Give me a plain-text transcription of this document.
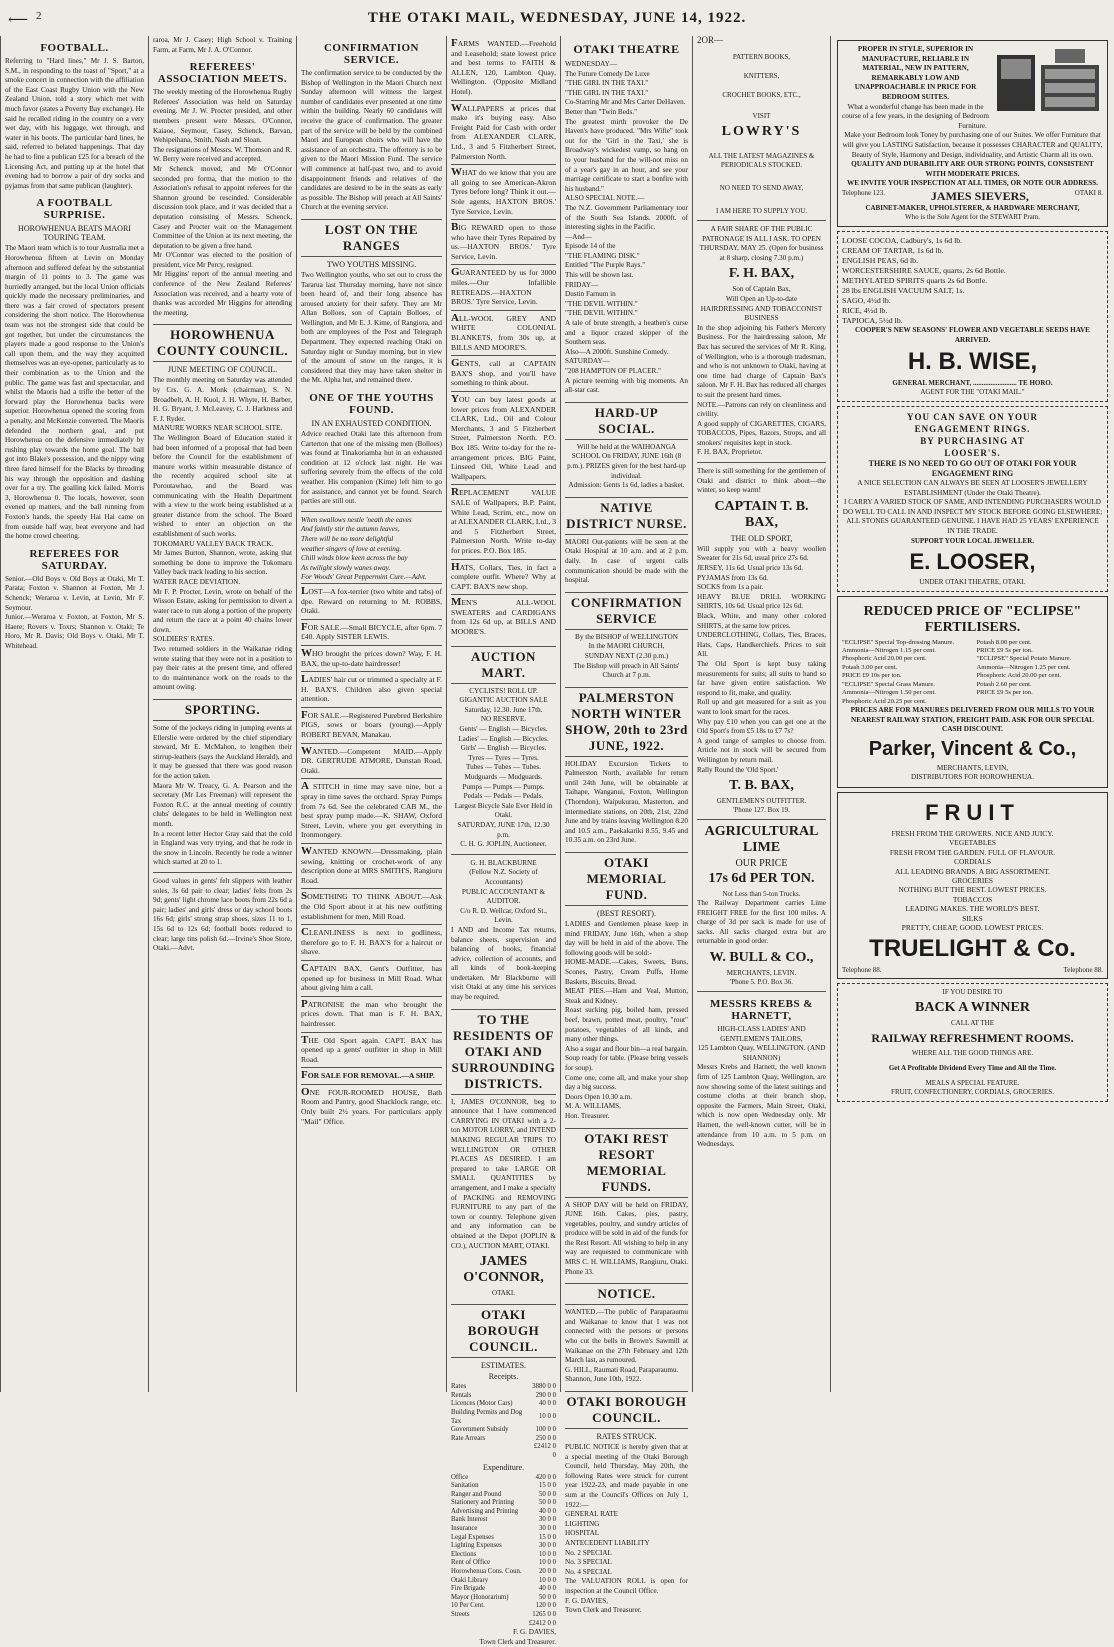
⟵ 2	THE OTAKI MAIL, WEDNESDAY, JUNE 14, 1922.
FOOTBALL.

Referring to "Hard lines," Mr J. S. Barton, S.M., in responding to the toast of "Sport," at a smoke concert in connection with the affiliation of the East Coast Rugby Union with the New Zealand Union, told a story which met with much favor (states a Poverty Bay exchange). He said he recalled riding in the country on a very wet day, with his luggage, wet through, and water in his boots. The particular hard lines, he said, referred to belated happenings. That day he had to fine a publican £25 for a breach of the Licensing Act, and putting up at the hotel that evening had to borrow a pair of dry socks and pyjamas from that same publican (laughter).

A FOOTBALL SURPRISE.
HOROWHENUA BEATS MAORI TOURING TEAM.

The Maori team which is to tour Australia met a Horowhenua fifteen at Levin on Monday afternoon and suffered defeat by the substantial margin of 11 points to 3. The game was hurriedly arranged, but the local Union officials quickly made the necessary preliminaries, and there was a fair crowd of spectators present considering the short notice. The Horowhenua team was not the strongest side that could be got together, but under the circumstances the players made a good response to the Union's call upon them, and the way they acquitted themselves was an eye-opener, particularly as to their combination as to the Union and the public. The game was fast and spectacular, and whilst the Maoris had a trifle the better of the forward play the Horowhenua backs were superior. Horowhenua opened the scoring from a penalty, and McKenzie converted. The Maoris defended the northern goal, and put Horowhenua on the defensive immediately by rushing play towards the home goal. The ball got into Blake's possession, and the nippy wing three fared himself for the Blacks by threading his way through the opposition and dashing over for a try. The goalling kick failed. Morris 3, Horowhenua 0. The locals, however, soon evened up matters, and the ball running from Foxton's hands, the speedy Hai Hai came on from outside half way, beat everyone and had the home crowd cheering.

REFEREES FOR SATURDAY.

Senior.—Old Boys v. Old Boys at Otaki, Mr T. Parata; Foxton v. Shannon at Foxton, Mr J. Schenck; Weraroa v. Levin, at Levin, Mr F. Seymour.
Junior.—Weraroa v. Foxton, at Foxton, Mr S. Haere; Rovers v. Toxrs; Shannon v. Otaki; Te Horo, Mr R. Davis; Old Boys v. Otaki, Mr T. Whitehead.

raroa, Mr J. Casey; High School v. Training Farm, at Farm, Mr J. A. O'Connor.

REFEREES' ASSOCIATION MEETS.

The weekly meeting of the Horowhenua Rugby Referees' Association was held on Saturday evening. Mr J. W. Procter presided, and other members present were Messrs. O'Connor, Kaiaoe, Seymour, Casey, Schenck, Barvan, Wehipeihana, Smith, Nash and Sloan.
The resignations of Messrs. W. Thomson and R. W. Berry were received and accepted.
Mr Schenck moved, and Mr O'Connor seconded pro forma, that the motion to the Association's refusal to appoint referees for the Shannon ground be rescinded. Considerable discussion took place, and it was decided that a deputation consisting of Messrs. Schenck, Casey and Procter wait on the Management Committee of the Union at its next meeting, the deputation to be given a free hand.
Mr O'Connor was elected to the position of president, vice Mr Percy, resigned.
Mr Higgins' report of the annual meeting and conference of the New Zealand Referees' Association was received, and a hearty vote of thanks was accorded Mr Higgins for attending the meeting.

HOROWHENUA COUNTY COUNCIL.
JUNE MEETING OF COUNCIL.

The monthly meeting on Saturday was attended by Crs. G. A. Monk (chairman), S. N. Broadbelt, A. H. Kuol, J. H. Whyte, H. Barber, H. G. Bryant, J. McLeavey, C. J. Harkness and F. J. Ryder.
MANURE WORKS NEAR SCHOOL SITE.
The Wellington Board of Education stated it had been informed of a proposal that had been before the Council for the establishment of manure works within measurable distance of the recently acquired school site at Poroutawhao, and the Board was communicating with the Health Department with a view to the work being established at a greater distance from the school. The Board wished to enter an objection on the establishment of such works.
TOKOMARU VALLEY BACK TRACK.
Mr James Burton, Shannon, wrote, asking that something be done to improve the Tokomaru Valley back track leading to his section.
WATER RACE DEVIATION.
Mr F. P. Procter, Levin, wrote on behalf of the Wisson Estate, asking for permission to divert a water race to run along a portion of the property and return the race at a point 40 chains lower down.
SOLDIERS' RATES.
Two returned soldiers in the Waikanae riding wrote stating that they were not in a position to pay their rates at the present time, and offered to do maintenance work on the roads to the amount owing.

SPORTING.

Some of the jockeys riding in jumping events at Ellerslie were ordered by the chief stipendiary steward, Mr E. McMahon, to lengthen their stirrup-leathers (says the Auckland Herald), and it may be guessed that there was good reason for the action taken.
Maora Mr W. Treacy, G. A. Pearson and the secretary (Mr Les Freeman) will represent the Foxton R.C. at the annual meeting of country clubs' delegates to be held in Wellington next month.
In a recent letter Hector Gray said that the cold in England was very trying, and that he rode in the snow in Lincoln. Recently he rode a winner which started at 20 to 1.

Good values in gents' felt slippers with leather soles, 3s 6d pair to clear; ladies' felts from 2s 9d; gents' light chrome lace boots from 22s 6d a pair; ladies' and girls' dress or day school boots 16s 6d; girls' strong strap shoes, sizes 11 to 1, 15s 6d to 12s 6d; football boots reduced to clear; large tins polish 6d.—Irvine's Shoe Store, Otaki.—Advt.

CONFIRMATION SERVICE.

The confirmation service to be conducted by the Bishop of Wellington in the Maori Church next Sunday afternoon will witness the largest number of candidates ever presented at one time within the building. Nearly 60 candidates will receive the grace of confirmation. The greater part of the service will be held by the combined Maori and European choirs who will have the assistance of an orchestra. The offertory is to be given to the Maori Mission Fund. The service will commence at half-past two, and to avoid disappointment friends and relatives of the candidates are desired to be in the seats as early as possible. The Bishop will preach at All Saints' Church at the evening service.

LOST ON THE RANGES
TWO YOUTHS MISSING.

Two Wellington youths, who set out to cross the Tararua last Thursday morning, have not since been heard of, and their long absence has aroused anxiety for their safety. They are Mr Allan Bolloes, son of Captain Bolloes, of Wellington, and Mr E. J. Kime, of Rangiora, and both are employees of the Post and Telegraph Department. They expected reaching Otaki on Saturday night or Sunday morning, but in view of the amount of snow on the ranges, it is considered that they may have taken shelter in the Mt. Alpha hut, and remained there.

ONE OF THE YOUTHS FOUND.
IN AN EXHAUSTED CONDITION.

Advice reached Otaki late this afternoon from Carterton that one of the missing men (Bolloes) was found at Tinakoriamba hut in an exhausted condition at 12 o'clock last night. He was suffering severely from the effects of the cold weather. His companion (Kime) left him to go for assistance, and cannot yet be found. Search parties are still out.

When swallows nestle 'neath the eaves
And faintly stir the autumn leaves,
There will be no more delightful
weather singers of love at evening.
Chill winds blow keen across the bay
As twilight slowly wanes away.
For Woods' Great Peppermint Cure.—Advt.

LOST—A fox-terrier (two white and tabs) of dpe. Reward on returning to M. ROBBS, Otaki.

FOR SALE.—Small BICYCLE, after 6pm. 7 £40. Apply SISTER LEWIS.

WHO brought the prices down? Way, F. H. BAX, the up-to-date hairdresser!

LADIES' hair cut or trimmed a specialty at F. H. BAX'S. Children also given special attention.

FOR SALE.—Registered Purebred Berkshire PIGS, sows or boars (young).—Apply ROBERT BEVAN, Manakau.

WANTED.—Competent MAID.—Apply DR. GERTRUDE ATMORE, Dunstan Road, Otaki.

A STITCH in time may save nine, but a spray in time saves the orchard. Spray Pumps from 7s 6d. See the celebrated CAB M., the best spray pump made.—K. SHAW, Oxford Street, Levin, where you get everything in Ironmongery.

WANTED KNOWN.—Dressmaking, plain sewing, knitting or crochet-work of any description done at MRS SMITH'S, Rangiuru Road.

SOMETHING TO THINK ABOUT.—Ask the Old Sport about it at his new outfitting establishment for men, Mill Road.

CLEANLINESS is next to godliness, therefore go to F. H. BAX'S for a haircut or shave.

CAPTAIN BAX, Gent's Outfitter, has opened up for business in Mill Road. What about giving him a call.

PATRONISE the man who brought the prices down. That man is F. H. BAX, hairdresser.

THE Old Sport again. CAPT. BAX has opened up a gents' outfitter in shop in Mill Road.

FOR SALE FOR REMOVAL.—A SHIP.

ONE FOUR-ROOMED HOUSE, Bath Room and Pantry, good Shacklock range, etc. Only built 2½ years. For particulars apply "Mail" Office.

FARMS WANTED.—Freehold and Leasehold; state lowest price and best terms to FAITH & ALLEN, 120, Lambton Quay, Wellington. (Opposite Midland Hotel).

WALLPAPERS at prices that make it's buying easy. Also Freight Paid for Cash with order from ALEXANDER CLARK, Ltd., 3 and 5 Fitzherbert Street, Palmerston North.

WHAT do we know that you are all going to see American-Akron Tyres before long? Think it out.—Sole agents, HAXTON BROS.' Tyre Service, Levin.

BIG REWARD open to those who have their Tyres Repaired by us.—HAXTON BROS.' Tyre Service, Levin.

GUARANTEED by us for 3000 miles.—Our Infallible RETREADS.—HAXTON BROS.' Tyre Service, Levin.

ALL-WOOL GREY AND WHITE COLONIAL BLANKETS, from 30s up, at BILLS AND MOORE'S.

GENTS, call at CAPTAIN BAX'S shop, and you'll have something to think about.

YOU can buy latest goods at lower prices from ALEXANDER CLARK, Ltd., Oil and Colour Merchants, 3 and 5 Fitzherbert Street, Palmerston North. P.O. Box 185. Write to-day for the re-arrangement prices. BIG Paint, Linseed Oil, White Lead and Wallpapers.

REPLACEMENT VALUE SALE of Wallpapers, B.P. Paint, White Lead, Scrim, etc., now on at ALEXANDER CLARK, Ltd., 3 and 5 Fitzherbert Street, Palmerston North. Write to-day for prices. P.O. Box 185.

HATS, Collars, Ties, in fact a complete outfit. Where? Why at CAPT. BAX'S new shop.

MEN'S ALL-WOOL SWEATERS and CARDIGANS from 12s 6d up, at BILLS AND MOORE'S.

AUCTION MART.

CYCLISTS! ROLL UP. GIGANTIC AUCTION SALE
Saturday, 12.30. June 17th.
NO RESERVE.
Gents' — English — Bicycles.
Ladies' — English — Bicycles.
Girls' — English — Bicycles.
Tyres — Tyres — Tyres.
Tubes — Tubes — Tubes.
Mudguards — Mudguards.
Pumps — Pumps — Pumps.
Pedals — Pedals — Pedals.
Largest Bicycle Sale Ever Held in Otaki.
SATURDAY, JUNE 17th, 12.30 p.m.
C. H. G. JOPLIN, Auctioneer.

G. H. BLACKBURNE
(Fellow N.Z. Society of Accountants)
PUBLIC ACCOUNTANT & AUDITOR.
C/o R. D. Wellcar, Oxford St., Levin.

I AND and Income Tax returns, balance sheets, supervision and balancing of books, financial advice, collection of accounts, and all kinds of book-keeping undertaken. Mr Blackburne will visit Otaki at any time his services may be required.

TO THE RESIDENTS OF OTAKI AND SURROUNDING DISTRICTS.

I, JAMES O'CONNOR, beg to announce that I have commenced CARRYING IN OTAKI with a 2-ton MOTOR LORRY, and INTEND MAKING REGULAR TRIPS TO WELLINGTON OR OTHER PLACES AS DESIRED. I am prepared to take LARGE OR SMALL QUANTITIES by arrangement, and I make a specialty of PACKING and REMOVING FURNITURE to any part of the town or country. Telephone given and any information can be obtained at the Depot (JOPLIN & CO.), AUCTION MART, OTAKI.

JAMES O'CONNOR,
OTAKI.
OTAKI BOROUGH COUNCIL.
ESTIMATES.
Receipts.
Rates	3880 0 0
Rentals	290 0 0
Licences (Motor Cars)	40 0 0
Building Permits and Dog Tax	10 0 0
Government Subsidy	100 0 0
Rate Arrears	250 0 0
	£2412 0 0
Expenditure.
Office	420 0 0
Sanitation	15 0 0
Ranger and Pound	50 0 0
Stationery and Printing	50 0 0
Advertising and Printing	40 0 0
Bank Interest	30 0 0
Insurance	30 0 0
Legal Expenses	15 0 0
Lighting Expenses	30 0 0
Elections	10 0 0
Rent of Office	10 0 0
Horowhenua Cons. Coun.	20 0 0
Otaki Library	10 0 0
Fire Brigade	40 0 0
Mayor (Honorarium)	50 0 0
10 Per Cent.	120 0 0
Streets	1265 0 0
	£2412 0 0

F. G. DAVIES,
Town Clerk and Treasurer.

OTAKI THEATRE

WEDNESDAY—
The Future Comedy De Luxe
"THE GIRL IN THE TAXI."
"THE GIRL IN THE TAXI."
Co-Starring Mr and Mrs Carter DeHaven.
Better than "Twin Beds."
The greatest mirth provoker the De Haven's have produced. "Mrs Wifie" took out for the 'Girl in the Taxi,' she is Broadway's wickedest vamp, so hang on to your husband for the will-not miss on of a year's gay in an hour, and see your marriage certificate to start a bonfire with his husband."
ALSO SPECIAL NOTE.—
The N.Z. Government Parliamentary tour of the South Sea Islands. 2000ft. of interesting sights in the Pacific.
—And—
Episode 14 of the
"THE FLAMING DISK."
Entitled "The Purple Rays."
This will be shown last.
FRIDAY—
Dustin Farnum in
"THE DEVIL WITHIN."
"THE DEVIL WITHIN."
A tale of brute strength, a heathen's curse and a liquor crazed skipper of the Southern seas.
Also—A 2000ft. Sunshine Comedy.
SATURDAY—
"208 HAMPTON OF PLACER."
A picture teeming with big moments. An all-star cast.

HARD-UP SOCIAL.

Will be held at the WAIHOANGA SCHOOL On FRIDAY, JUNE 16th (8 p.m.). PRIZES given for the best hard-up individual.
Admission: Gents 1s 6d, ladies a basket.

NATIVE DISTRICT NURSE.

MAORI Out-patients will be seen at the Otaki Hospital at 10 a.m. and at 2 p.m. daily. In case of urgent calls communication should be made with the hospital.

CONFIRMATION SERVICE

By the BISHOP of WELLINGTON
In the MAORI CHURCH,
SUNDAY NEXT (2.30 p.m.)
The Bishop will preach in All Saints' Church at 7 p.m.

PALMERSTON NORTH WINTER SHOW, 20th to 23rd JUNE, 1922.

HOLIDAY Excursion Tickets to Palmerston North, available for return until 24th June, will be obtainable at Taihape, Wanganui, Foxton, Wellington (Thorndon), Waipukurau, Masterton, and intermediate stations, on 20th, 21st, 22nd June and by trains leaving Wellington 8.20 and 10.5 a.m., Paekakariki 8.55, 9.45 and 10.35 a.m. on 23rd June.

OTAKI MEMORIAL FUND.
(BEST RESORT).

LADIES and Gentlemen please keep in mind FRIDAY, June 16th, when a shop day will be held in aid of the above. The following goods will be sold:-
HOME-MADE.—Cakes, Sweets, Buns, Scones, Pastry, Cream Puffs, Home Baskets, Biscuits, Bread.
MEAT PIES.—Ham and Veal, Mutton, Steak and Kidney.
Roast sucking pig, boiled ham, pressed beef, brawn, potted meat, poultry, "rout" potatoes, vegetables of all kinds, and many other things.
Also a sugar and flour bin—a real bargain.
Soup ready for table. (Please bring vessels for soup).
Come one, come all, and make your shop day a big success.
Doors Open 10.30 a.m.
M. A. WILLIAMS,
Hon. Treasurer.

OTAKI REST RESORT MEMORIAL FUNDS.

A SHOP DAY will be held on FRIDAY, JUNE 16th. Cakes, pies, pastry, vegetables, poultry, and sundry articles of produce will be sold in aid of the funds for the Rest Resort. All wishing to help in any way are requested to communicate with MRS C. H. WILLIAMS, Rangiuru, Otaki. Phone 33.

NOTICE.

WANTED.—The public of Paraparaumu and Waikanae to know that I was not connected with the persons or persons who cut the bells in Brown's Sawmill at Waikanae on the 27th February and 12th March last, as rumoured.
G. HILL, Raumati Road, Paraparaumu.
Shannon, June 10th, 1922.

OTAKI BOROUGH COUNCIL.
RATES STRUCK.

PUBLIC NOTICE is hereby given that at a special meeting of the Otaki Borough Council, held Thursday, May 20th, the following Rates were struck for current year 1922-23, and made payable in one sum at the Council's Offices on July 1, 1922:—
GENERAL RATE
LIGHTING
HOSPITAL
ANTECEDENT LIABILITY
No. 2 SPECIAL
No. 3 SPECIAL
No. 4 SPECIAL
The VALUATION ROLL is open for inspection at the Council Office.
F. G. DAVIES,
Town Clerk and Treasurer.

2OR—
PATTERN BOOKS,
KNITTERS,
CROCHET BOOKS, ETC.,
VISIT
LOWRY'S
ALL THE LATEST MAGAZINES & PERIODICALS STOCKED.
NO NEED TO SEND AWAY,
I AM HERE TO SUPPLY YOU.

A FAIR SHARE OF THE PUBLIC PATRONAGE IS ALL I ASK. TO OPEN THURSDAY, MAY 25. (Open for business at 8 sharp, closing 7.30 p.m.)

F. H. BAX,

Son of Captain Bax,
Will Open an Up-to-date
HAIRDRESSING AND TOBACCONIST BUSINESS

In the shop adjoining his Father's Mercery Business. For the hairdressing saloon, Mr Bax has secured the services of Mr R. King, of Wellington, who is a thorough tradesman, and who is not unknown to Otaki, having at one time had charge of Captain Bax's saloon. Mr F. H. Bax has reduced all charges to suit the present hard times.
NOTE.—Patrons can rely on cleanliness and civility.
A good supply of CIGARETTES, CIGARS, TOBACCOS, Pipes, Razors, Strops, and all smokers' requisites kept in stock.
F. H. BAX, Proprietor.

There is still something for the gentlemen of Otaki and district to think about—the winter, so keep warm!

CAPTAIN T. B. BAX,
THE OLD SPORT,

Will supply you with a heavy woollen Sweater for 21s 6d, usual price 27s 6d.
JERSEY, 11s 6d. Usual price 13s 6d.
PYJAMAS from 13s 6d.
SOCKS from 1s a pair.
HEAVY BLUE DRILL WORKING SHIRTS, 10s 6d. Usual price 12s 6d.
Black, White, and many other colored SHIRTS, at the same low prices.
UNDERCLOTHING, Collars, Ties, Braces, Hats, Caps, Handkerchiefs. Prices to suit All.
The Old Sport is kept busy taking measurements for suits; all suits to hand so far have given entire satisfaction. We respond to fit, make, and quality.
Roll up and get measured for a suit as you want to look smart for the races.
Why pay £10 when you can get one at the Old Sport's from £5 18s to £7 7s?
A good range of samples to choose from. Article not in stock will be secured from Wellington by return mail.
Rally Round the 'Old Sport.'

T. B. BAX,
GENTLEMEN'S OUTFITTER.
'Phone 127. Box 19.
AGRICULTURAL LIME
OUR PRICE
17s 6d PER TON.
Not Less than 5-ton Trucks.

The Railway Department carries Lime FREIGHT FREE for the first 100 miles. A charge of 3d per sack is made for use of sacks. All sacks charged extra but are returnable in good order.

W. BULL & CO.,
MERCHANTS, LEVIN.
'Phone 5. P.O. Box 36.
MESSRS KREBS & HARNETT,

HIGH-CLASS LADIES' AND GENTLEMEN'S TAILORS,
125 Lambton Quay, WELLINGTON. (AND SHANNON)

Messrs Krebs and Harnett, the well known firm of 125 Lambton Quay, Wellington, are now showing some of the latest suitings and costume cloths at their branch shop, opposite the Farmers, Main Street, Otaki, which is now open Wednesday only. Mr Harnett, the well-known cutter, will be in attendance from 10 a.m. to 5 p.m. on Wednesdays.

PROPER IN STYLE, SUPERIOR IN MANUFACTURE, RELIABLE IN MATERIAL, NEW IN PATTERN, REMARKABLY LOW AND UNAPPROACHABLE IN PRICE FOR BEDROOM SUITES.

What a wonderful change has been made in the course of a few years, in the designing of Bedroom Furniture.

Make your Bedroom look Toney by purchasing one of our Suites. We offer Furniture that will give you LASTING Satisfaction, because it possesses CHARACTER and QUALITY, Beauty of Style, Harmony and Design, individuality, and Artistic Charm all its own.

QUALITY AND DURABILITY ARE OUR STRONG POINTS, CONSISTENT WITH MODERATE PRICES.
WE INVITE YOUR INSPECTION AT ALL TIMES, OR NOTE OUR ADDRESS.

Telephone 123.	JAMES SIEVERS,	OTAKI 8.
CABINET-MAKER, UPHOLSTERER, & HARDWARE MERCHANT,
Who is the Sole Agent for the STEWART Pram.

LOOSE COCOA, Cadbury's, 1s 6d lb.
CREAM OF TARTAR, 1s 6d lb.
ENGLISH PEAS, 6d lb.
WORCESTERSHIRE SAUCE, quarts, 2s 6d Bottle.
METHYLATED SPIRITS quarts 2s 6d Bottle.
28 lbs ENGLISH VACUUM SALT, 1s.
SAGO, 4½d lb.
RICE, 4½d lb.
TAPIOCA, 5½d lb.

COOPER'S NEW SEASONS' FLOWER AND VEGETABLE SEEDS HAVE ARRIVED.

H. B. WISE,
GENERAL MERCHANT, ......................... TE HORO.
AGENT FOR THE "OTAKI MAIL."

YOU CAN SAVE ON YOUR
ENGAGEMENT RINGS.
BY PURCHASING AT
LOOSER'S.

THERE IS NO NEED TO GO OUT OF OTAKI FOR YOUR ENGAGEMENT RING

A NICE SELECTION CAN ALWAYS BE SEEN AT LOOSER'S JEWELLERY ESTABLISHMENT (Under the Otaki Theatre).
I CARRY A VARIED STOCK OF SAME, AND INTENDING PURCHASERS WOULD DO WELL TO CALL IN AND INSPECT MY STOCK BEFORE GOING ELSEWHERE; ALL STONES GUARANTEED GENUINE. I HAVE HAD 25 YEARS' EXPERIENCE IN THE TRADE.

SUPPORT YOUR LOCAL JEWELLER.
E. LOOSER,
UNDER OTAKI THEATRE, OTAKI.
REDUCED PRICE OF "ECLIPSE" FERTILISERS.

"ECLIPSE" Special Top-dressing Manure.
Ammonia—Nitrogen 1.15 per cent.
Phosphoric Acid 20.00 per cent.
Potash 3.00 per cent.
PRICE £9 10s per ton.
"ECLIPSE" Special Grass Manure.
Ammonia—Nitrogen 1.50 per cent.
Phosphoric Acid 20.25 per cent.
Potash 8.00 per cent.
PRICE £9 5s per ton.
"ECLIPSE" Special Potato Manure.
Ammonia—Nitrogen 1.25 per cent.
Phosphoric Acid 20.00 per cent.
Potash 2.60 per cent.
PRICE £9 5s per ton.

PRICES ARE FOR MANURES DELIVERED FROM OUR MILLS TO YOUR NEAREST RAILWAY STATION, FREIGHT PAID. ASK FOR OUR SPECIAL CASH DISCOUNT.

Parker, Vincent & Co.,

MERCHANTS, LEVIN,
DISTRIBUTORS FOR HOROWHENUA.

FRUIT

FRESH FROM THE GROWERS. NICE AND JUICY.
VEGETABLES
FRESH FROM THE GARDEN. FULL OF FLAVOUR.
CORDIALS
ALL LEADING BRANDS. A BIG ASSORTMENT.
GROCERIES
NOTHING BUT THE BEST. LOWEST PRICES.
TOBACCOS
LEADING MAKES. THE WORLD'S BEST.
SILKS
PRETTY, CHEAP, GOOD. LOWEST PRICES.

TRUELIGHT & Co.
Telephone 88.	Telephone 88.
IF YOU DESIRE TO
BACK A WINNER
CALL AT THE
RAILWAY REFRESHMENT ROOMS.
WHERE ALL THE GOOD THINGS ARE.
Get A Profitable Dividend Every Time and All the Time.
MEALS A SPECIAL FEATURE.
FRUIT, CONFECTIONERY, CORDIALS, GROCERIES.
